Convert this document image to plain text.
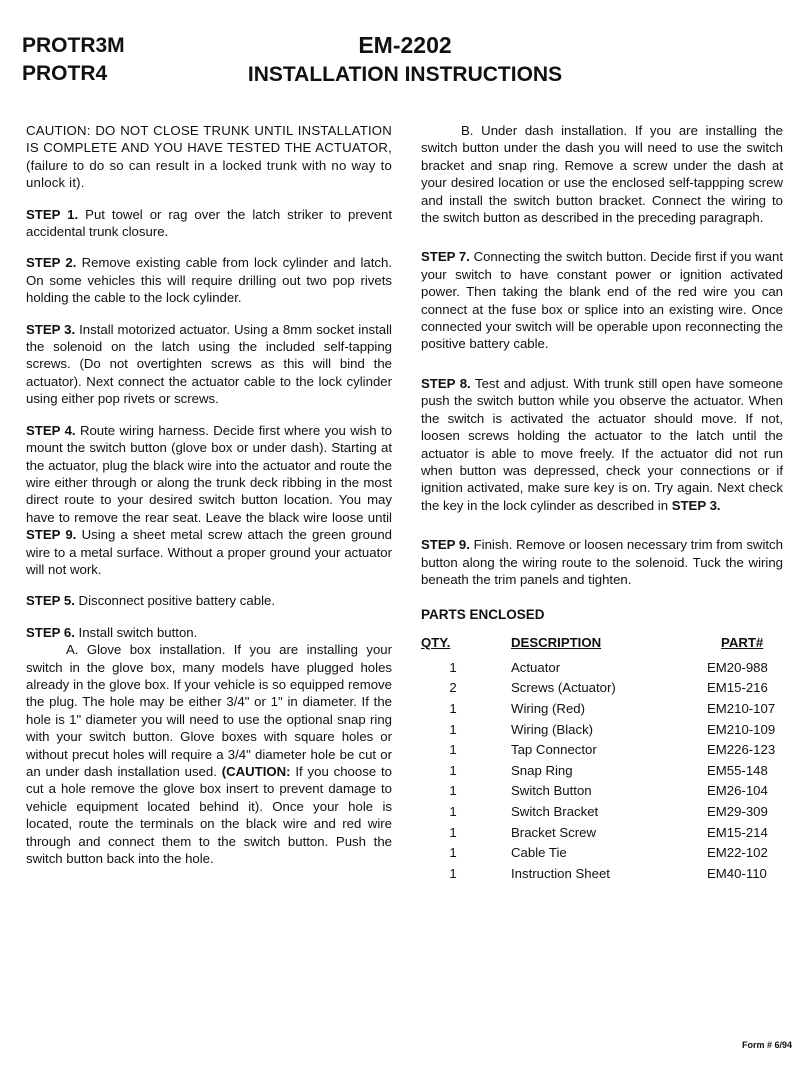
PROTR3M
PROTR4
EM-2202
INSTALLATION INSTRUCTIONS

CAUTION: DO NOT CLOSE TRUNK UNTIL INSTALLATION IS COMPLETE AND YOU HAVE TESTED THE ACTUATOR, (failure to do so can result in a locked trunk with no way to unlock it).

STEP 1. Put towel or rag over the latch striker to prevent accidental trunk closure.

STEP 2. Remove existing cable from lock cylinder and latch. On some vehicles this will require drilling out two pop rivets holding the cable to the lock cylinder.

STEP 3. Install motorized actuator. Using a 8mm socket install the solenoid on the latch using the included self-tapping screws. (Do not overtighten screws as this will bind the actuator). Next connect the actuator cable to the lock cylinder using either pop rivets or screws.

STEP 4. Route wiring harness. Decide first where you wish to mount the switch button (glove box or under dash). Starting at the actuator, plug the black wire into the actuator and route the wire either through or along the trunk deck ribbing in the most direct route to your desired switch button location. You may have to remove the rear seat. Leave the black wire loose until STEP 9. Using a sheet metal screw attach the green ground wire to a metal surface. Without a proper ground your actuator will not work.

STEP 5. Disconnect positive battery cable.

STEP 6. Install switch button.

A. Glove box installation. If you are installing your switch in the glove box, many models have plugged holes already in the glove box. If your vehicle is so equipped remove the plug. The hole may be either 3/4" or 1" in diameter. If the hole is 1" diameter you will need to use the optional snap ring with your switch button. Glove boxes with square holes or without precut holes will require a 3/4" diameter hole be cut or an under dash installation used. (CAUTION: If you choose to cut a hole remove the glove box insert to prevent damage to vehicle equipment located behind it). Once your hole is located, route the terminals on the black wire and red wire through and connect them to the switch button. Push the switch button back into the hole.

B. Under dash installation. If you are installing the switch button under the dash you will need to use the switch bracket and snap ring. Remove a screw under the dash at your desired location or use the enclosed self-tappping screw and install the switch button bracket. Connect the wiring to the switch button as described in the preceding paragraph.

STEP 7. Connecting the switch button. Decide first if you want your switch to have constant power or ignition activated power. Then taking the blank end of the red wire you can connect at the fuse box or splice into an existing wire. Once connected your switch will be operable upon reconnecting the positive battery cable.

STEP 8. Test and adjust. With trunk still open have someone push the switch button while you observe the actuator. When the switch is activated the actuator should move. If not, loosen screws holding the actuator to the latch until the actuator is able to move freely. If the actuator did not run when button was depressed, check your connections or if ignition activated, make sure key is on. Try again. Next check the key in the lock cylinder as described in STEP 3.

STEP 9. Finish. Remove or loosen necessary trim from switch button along the wiring route to the solenoid. Tuck the wiring beneath the trim panels and tighten.

PARTS ENCLOSED
QTY.	DESCRIPTION	PART#
1	Actuator	EM20-988
2	Screws (Actuator)	EM15-216
1	Wiring (Red)	EM210-107
1	Wiring (Black)	EM210-109
1	Tap Connector	EM226-123
1	Snap Ring	EM55-148
1	Switch Button	EM26-104
1	Switch Bracket	EM29-309
1	Bracket Screw	EM15-214
1	Cable Tie	EM22-102
1	Instruction Sheet	EM40-110
Form # 6/94
